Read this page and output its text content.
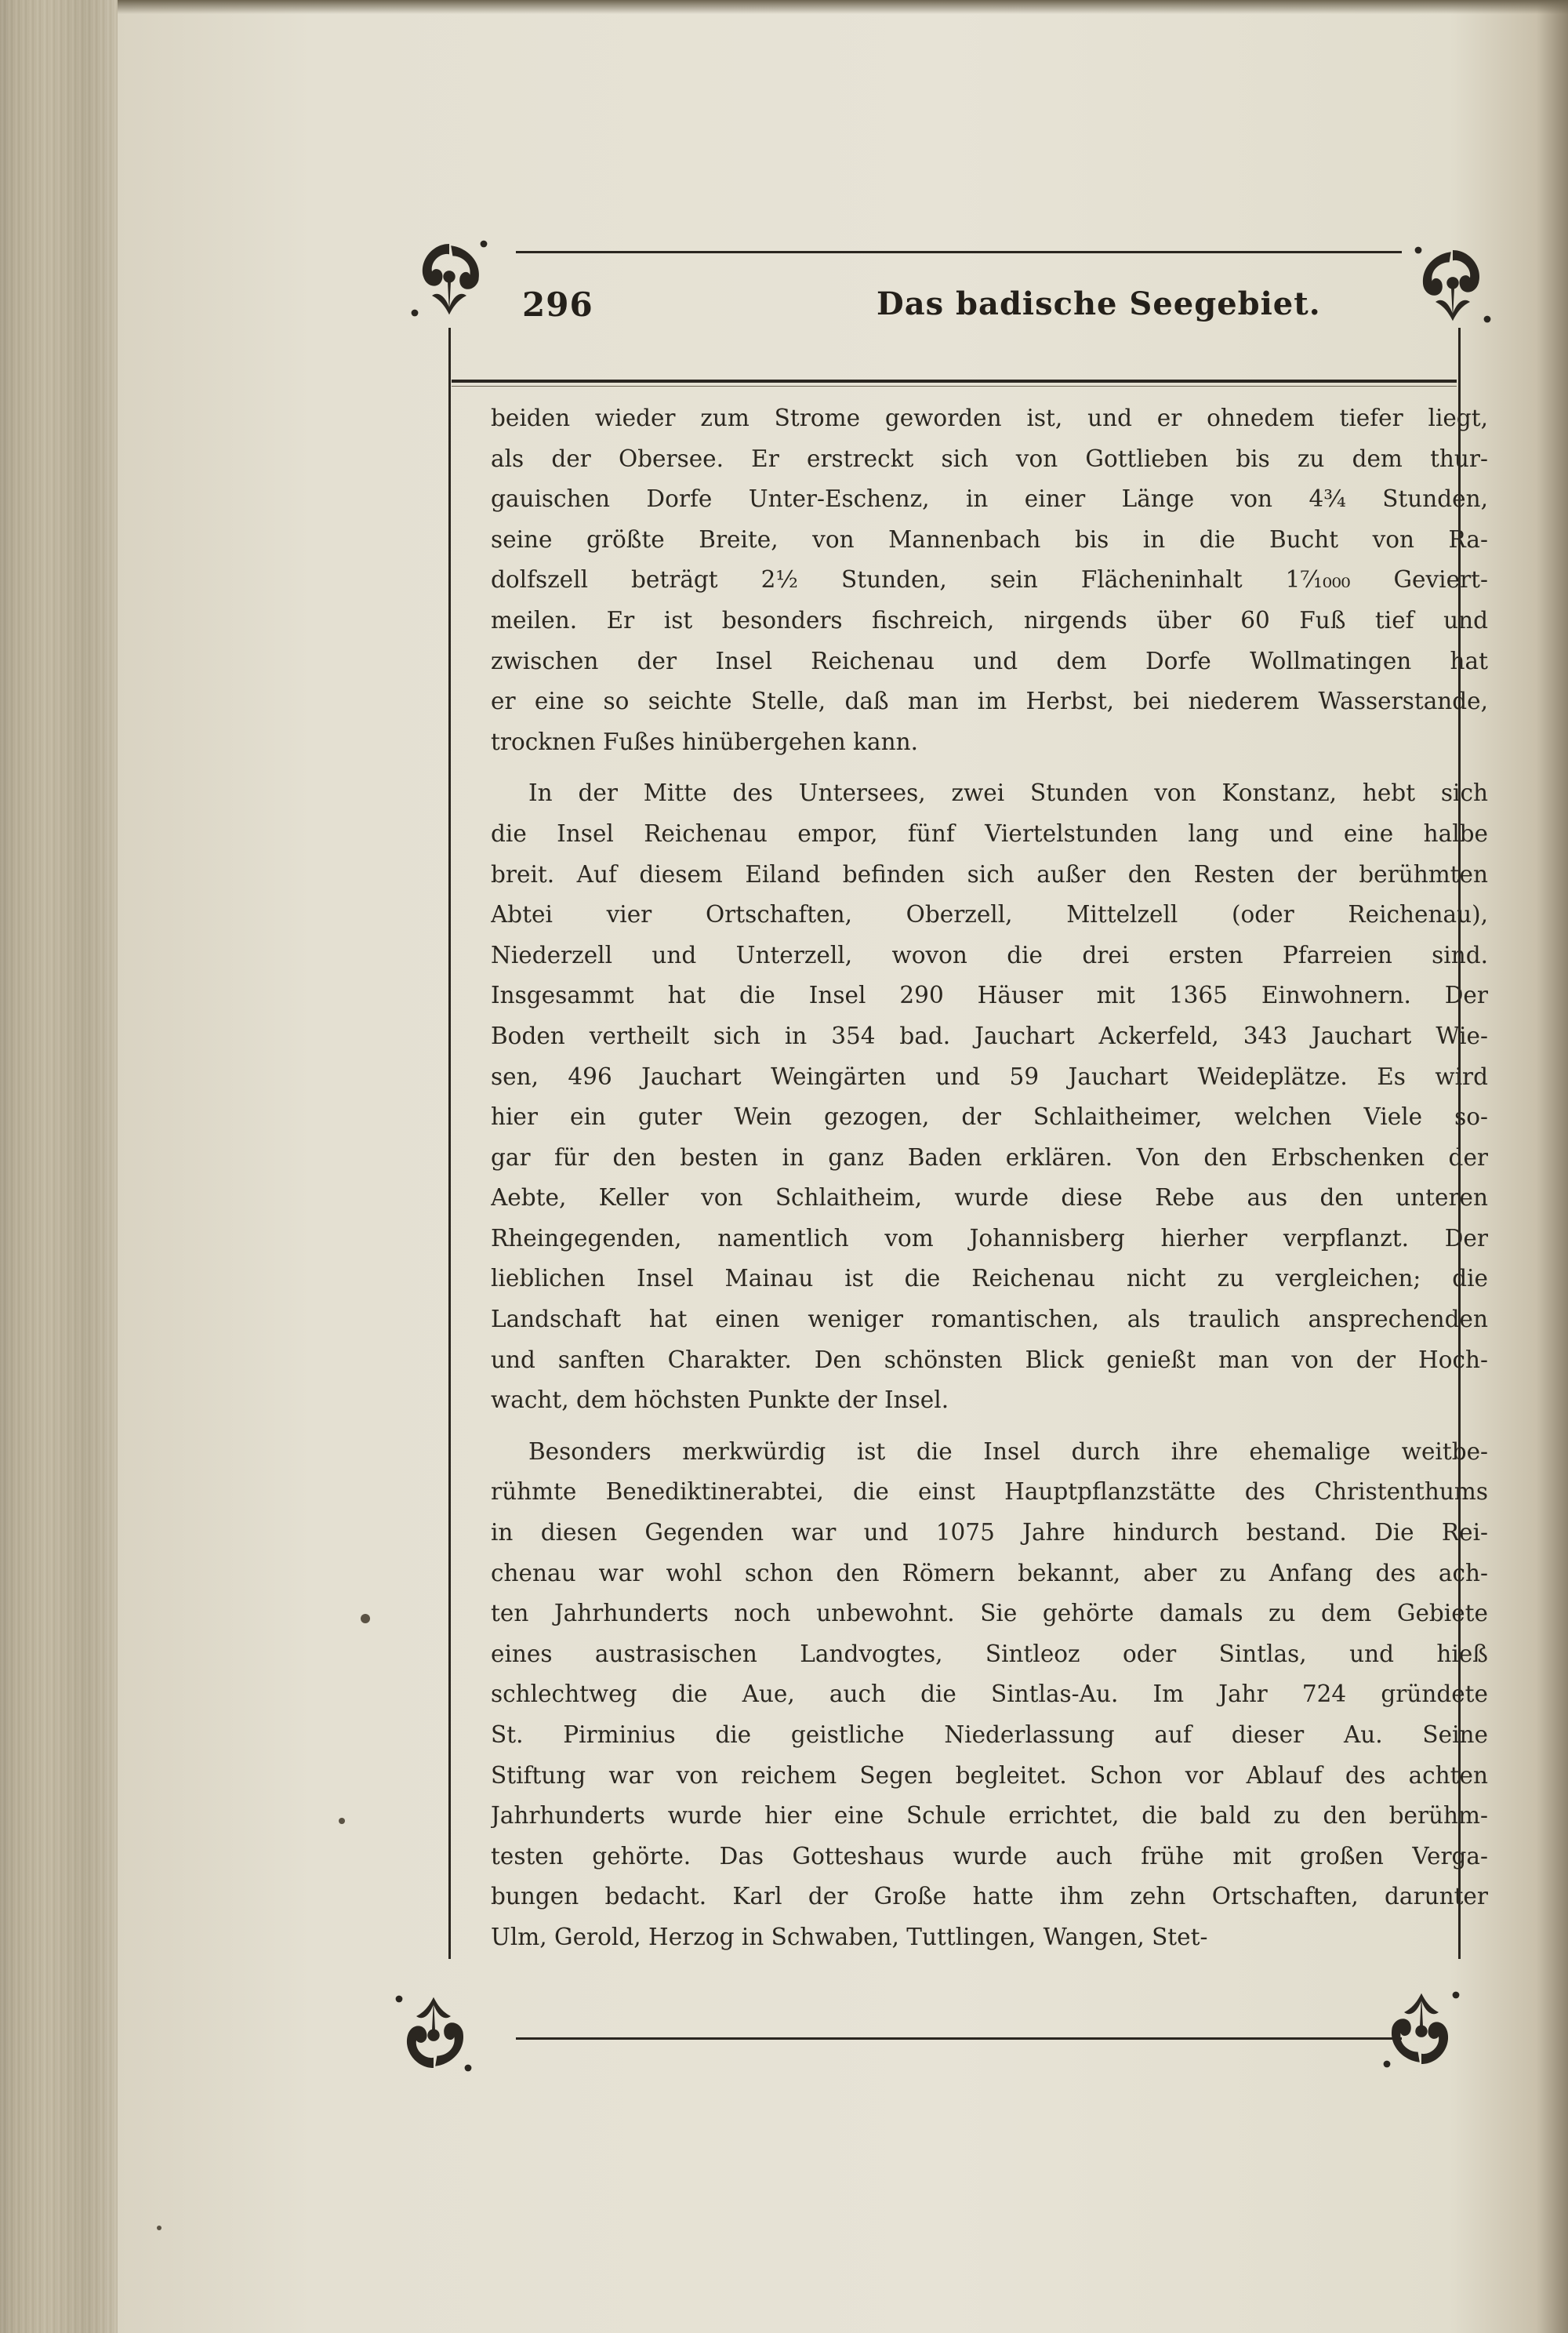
296	Das badische Seegebiet.
beiden wieder zum Strome geworden ist, und er ohnedem tiefer liegt,
als der Obersee. Er erstreckt sich von Gottlieben bis zu dem thur-
gauischen Dorfe Unter-Eschenz, in einer Länge von 4¾ Stunden,
seine größte Breite, von Mannenbach bis in die Bucht von Ra-
dolfszell beträgt 2½ Stunden, sein Flächeninhalt 1⁷⁄₁₀₀₀ Geviert-
meilen. Er ist besonders fischreich, nirgends über 60 Fuß tief und
zwischen der Insel Reichenau und dem Dorfe Wollmatingen hat
er eine so seichte Stelle, daß man im Herbst, bei niederem Wasserstande,
trocknen Fußes hinübergehen kann.
In der Mitte des Untersees, zwei Stunden von Konstanz, hebt sich
die Insel Reichenau empor, fünf Viertelstunden lang und eine halbe
breit. Auf diesem Eiland befinden sich außer den Resten der berühmten
Abtei vier Ortschaften, Oberzell, Mittelzell (oder Reichenau),
Niederzell und Unterzell, wovon die drei ersten Pfarreien sind.
Insgesammt hat die Insel 290 Häuser mit 1365 Einwohnern. Der
Boden vertheilt sich in 354 bad. Jauchart Ackerfeld, 343 Jauchart Wie-
sen, 496 Jauchart Weingärten und 59 Jauchart Weideplätze. Es wird
hier ein guter Wein gezogen, der Schlaitheimer, welchen Viele so-
gar für den besten in ganz Baden erklären. Von den Erbschenken der
Aebte, Keller von Schlaitheim, wurde diese Rebe aus den unteren
Rheingegenden, namentlich vom Johannisberg hierher verpflanzt. Der
lieblichen Insel Mainau ist die Reichenau nicht zu vergleichen; die
Landschaft hat einen weniger romantischen, als traulich ansprechenden
und sanften Charakter. Den schönsten Blick genießt man von der Hoch-
wacht, dem höchsten Punkte der Insel.
Besonders merkwürdig ist die Insel durch ihre ehemalige weitbe-
rühmte Benediktinerabtei, die einst Hauptpflanzstätte des Christenthums
in diesen Gegenden war und 1075 Jahre hindurch bestand. Die Rei-
chenau war wohl schon den Römern bekannt, aber zu Anfang des ach-
ten Jahrhunderts noch unbewohnt. Sie gehörte damals zu dem Gebiete
eines austrasischen Landvogtes, Sintleoz oder Sintlas, und hieß
schlechtweg die Aue, auch die Sintlas-Au. Im Jahr 724 gründete
St. Pirminius die geistliche Niederlassung auf dieser Au. Seine
Stiftung war von reichem Segen begleitet. Schon vor Ablauf des achten
Jahrhunderts wurde hier eine Schule errichtet, die bald zu den berühm-
testen gehörte. Das Gotteshaus wurde auch frühe mit großen Verga-
bungen bedacht. Karl der Große hatte ihm zehn Ortschaften, darunter
Ulm, Gerold, Herzog in Schwaben, Tuttlingen, Wangen, Stet-
